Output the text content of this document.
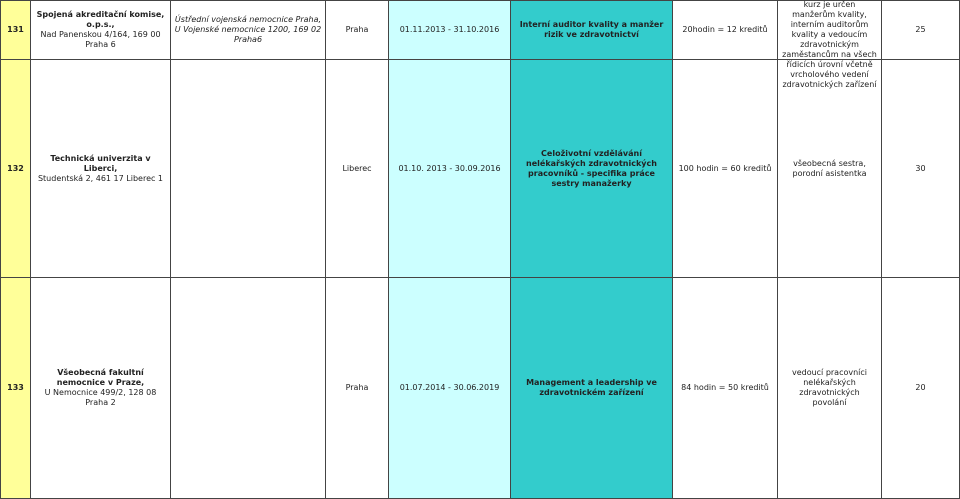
131	Spojená akreditační komise, o.p.s.,
Nad Panenskou 4/164, 169 00 Praha 6	Ústřední vojenská nemocnice Praha, U Vojenské nemocnice 1200, 169 02 Praha6	Praha	01.11.2013 - 31.10.2016	Interní auditor kvality a manžer rizik ve zdravotnictví	20hodin = 12 kreditů	kurz je určen manžerům kvality, interním auditorům kvality a vedoucím zdravotnickým zaměstancům na všech řídicích úrovní včetně vrcholového vedení zdravotnických zařízení	25
132	Technická univerzita v Liberci,
Studentská 2, 461 17 Liberec 1		Liberec	01.10. 2013 - 30.09.2016	Celoživotní vzdělávání nelékařských zdravotnických pracovníků - specifika práce sestry manažerky	100 hodin = 60 kreditů	všeobecná sestra, porodní asistentka	30
133	Všeobecná fakultní nemocnice v Praze,
U Nemocnice 499/2, 128 08 Praha 2		Praha	01.07.2014 - 30.06.2019	Management a leadership ve zdravotnickém zařízení	84 hodin = 50 kreditů	vedoucí pracovníci nelékařských zdravotnických povolání	20
